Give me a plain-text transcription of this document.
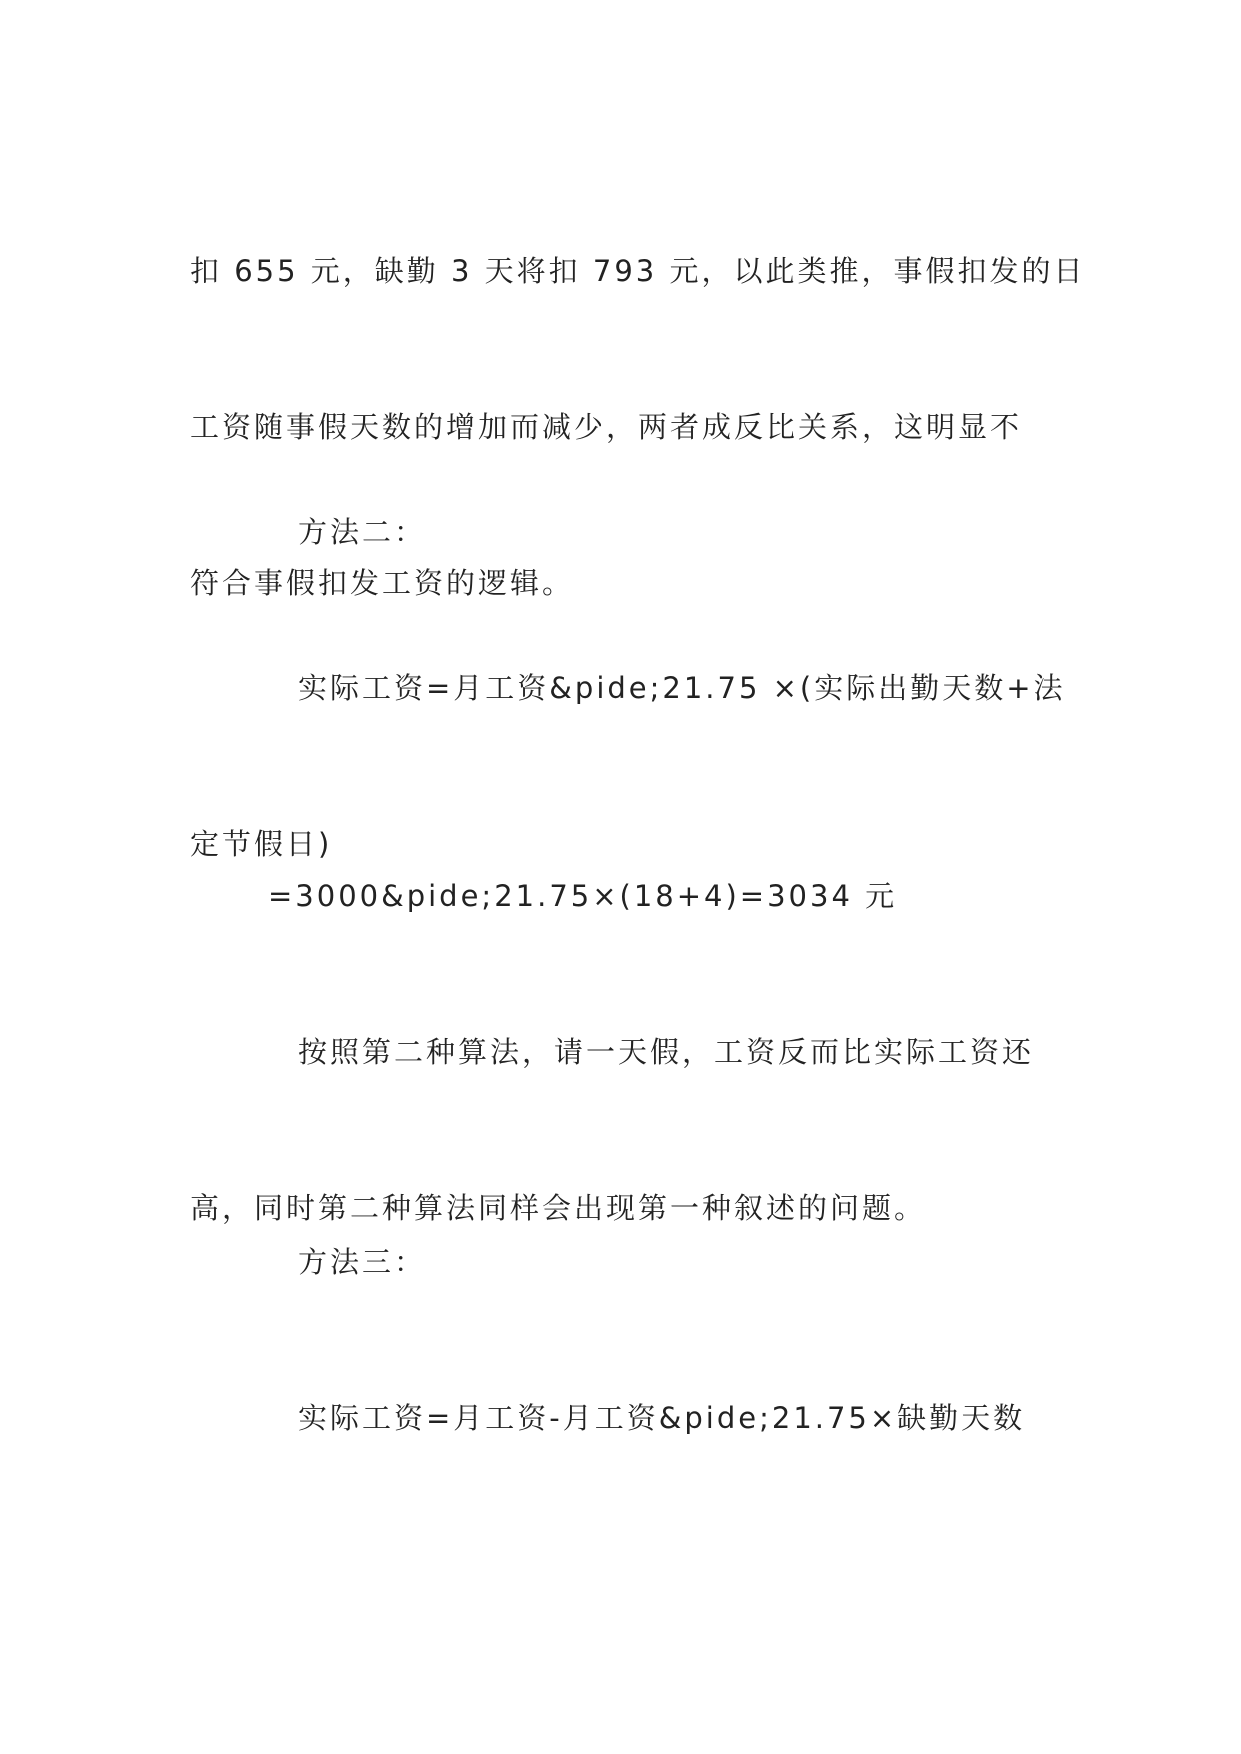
扣 655 元，缺勤 3 天将扣 793 元，以此类推，事假扣发的日

工资随事假天数的增加而减少，两者成反比关系，这明显不

符合事假扣发工资的逻辑。

方法二：

实际工资=月工资&pide;21.75 ×(实际出勤天数+法

定节假日)

=3000&pide;21.75×(18+4)=3034 元

按照第二种算法，请一天假，工资反而比实际工资还

高，同时第二种算法同样会出现第一种叙述的问题。

方法三：

实际工资=月工资-月工资&pide;21.75×缺勤天数
